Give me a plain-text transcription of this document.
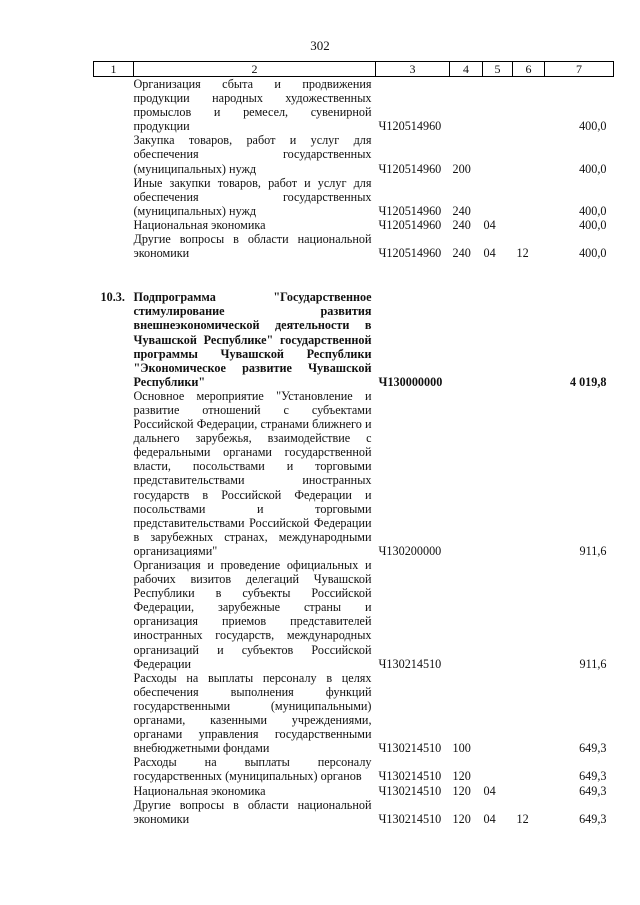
302
1	2	3	4	5	6	7
	Организация сбыта и продвижения продукции народных художественных промыслов и ремесел, сувенирной продукции	Ч120514960				400,0
	Закупка товаров, работ и услуг для обеспечения государственных (муниципальных) нужд	Ч120514960	200			400,0
	Иные закупки товаров, работ и услуг для обеспечения государственных (муниципальных) нужд	Ч120514960	240			400,0
	Национальная экономика	Ч120514960	240	04		400,0
	Другие вопросы в области национальной экономики	Ч120514960	240	04	12	400,0

10.3.	Подпрограмма "Государственное стимулирование развития внешнеэкономической деятельности в Чувашской Республике" государственной программы Чувашской Республики "Экономическое развитие Чувашской Республики"	Ч130000000				4 019,8
	Основное мероприятие "Установление и развитие отношений с субъектами Российской Федерации, странами ближнего и дальнего зарубежья, взаимодействие с федеральными органами государственной власти, посольствами и торговыми представительствами иностранных государств в Российской Федерации и посольствами и торговыми представительствами Российской Федерации в зарубежных странах, международными организациями"	Ч130200000				911,6
	Организация и проведение официальных и рабочих визитов делегаций Чувашской Республики в субъекты Российской Федерации, зарубежные страны и организация приемов представителей иностранных государств, международных организаций и субъектов Российской Федерации	Ч130214510				911,6
	Расходы на выплаты персоналу в целях обеспечения выполнения функций государственными (муниципальными) органами, казенными учреждениями, органами управления государственными внебюджетными фондами	Ч130214510	100			649,3
	Расходы на выплаты персоналу государственных (муниципальных) органов	Ч130214510	120			649,3
	Национальная экономика	Ч130214510	120	04		649,3
	Другие вопросы в области национальной экономики	Ч130214510	120	04	12	649,3
